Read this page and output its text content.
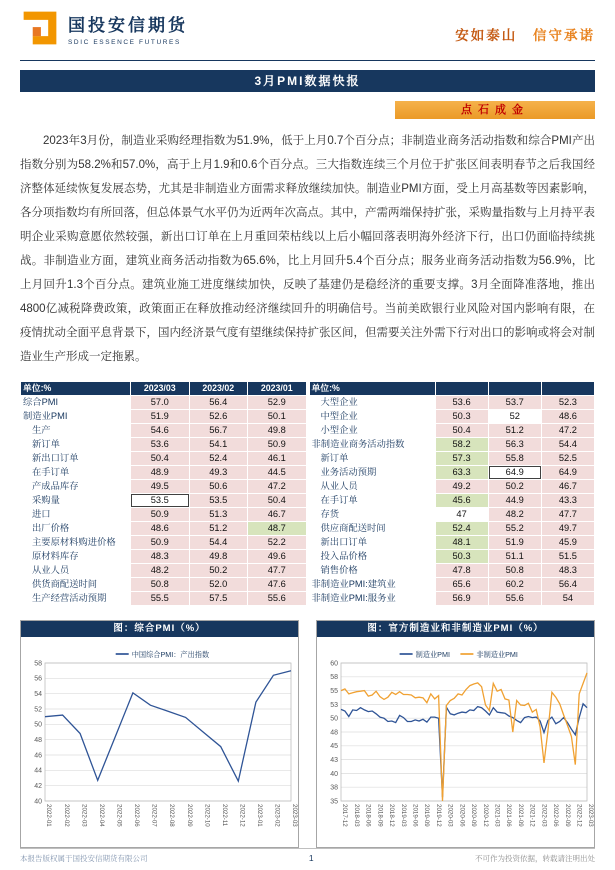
国投安信期货
SDIC ESSENCE FUTURES	安如泰山 信守承诺
3月PMI数据快报
点石成金

2023年3月份，制造业采购经理指数为51.9%，低于上月0.7个百分点；非制造业商务活动指数和综合PMI产出指数分别为58.2%和57.0%，高于上月1.9和0.6个百分点。三大指数连续三个月位于扩张区间表明春节之后我国经济整体延续恢复发展态势，尤其是非制造业方面需求释放继续加快。制造业PMI方面，受上月高基数等因素影响，各分项指数均有所回落，但总体景气水平仍为近两年次高点。其中，产需两端保持扩张，采购量指数与上月持平表明企业采购意愿依然较强，新出口订单在上月重回荣枯线以上后小幅回落表明海外经济下行，出口仍面临持续挑战。非制造业方面，建筑业商务活动指数为65.6%，比上月回升5.4个百分点；服务业商务活动指数为56.9%，比上月回升1.3个百分点。建筑业施工进度继续加快，反映了基建仍是稳经济的重要支撑。3月全面降准落地，推出4800亿减税降费政策，政策面正在释放推动经济继续回升的明确信号。当前美欧银行业风险对国内影响有限，在疫情扰动全面平息背景下，国内经济景气度有望继续保持扩张区间，但需要关注外需下行对出口的影响或将会对制造业生产形成一定拖累。

单位:%	2023/03	2023/02	2023/01
综合PMI	57.0	56.4	52.9
制造业PMI	51.9	52.6	50.1
生产	54.6	56.7	49.8
新订单	53.6	54.1	50.9
新出口订单	50.4	52.4	46.1
在手订单	48.9	49.3	44.5
产成品库存	49.5	50.6	47.2
采购量	53.5	53.5	50.4
进口	50.9	51.3	46.7
出厂价格	48.6	51.2	48.7
主要原材料购进价格	50.9	54.4	52.2
原材料库存	48.3	49.8	49.6
从业人员	48.2	50.2	47.7
供货商配送时间	50.8	52.0	47.6
生产经营活动预期	55.5	57.5	55.6
单位:%			
大型企业	53.6	53.7	52.3
中型企业	50.3	52	48.6
小型企业	50.4	51.2	47.2
非制造业商务活动指数	58.2	56.3	54.4
新订单	57.3	55.8	52.5
业务活动预期	63.3	64.9	64.9
从业人员	49.2	50.2	46.7
在手订单	45.6	44.9	43.3
存货	47	48.2	47.7
供应商配送时间	52.4	55.2	49.7
新出口订单	48.1	51.9	45.9
投入品价格	50.3	51.1	51.5
销售价格	47.8	50.8	48.3
非制造业PMI:建筑业	65.6	60.2	56.4
非制造业PMI:服务业	56.9	55.6	54
图：综合PMI（%）
40
42
44
46
48
50
52
54
56
58
2022-01 2022-02 2022-03 2022-04 2022-05 2022-06 2022-07 2022-08 2022-09 2022-10 2022-11 2022-12 2023-01 2023-02 2023-03
中国综合PMI：产出指数
图：官方制造业和非制造业PMI（%）
35
38
40
43
45
48
50
53
55
58
60
2017-12 2018-03 2018-06 2018-09 2018-12 2019-03 2019-06 2019-09 2019-12 2020-03 2020-06 2020-09 2020-12 2021-03 2021-06 2021-09 2021-12 2022-03 2022-06 2022-09 2022-12 2023-03
制造业PMI	非制造业PMI
本报告版权属于国投安信期货有限公司	1	不可作为投资依据，转载请注明出处
